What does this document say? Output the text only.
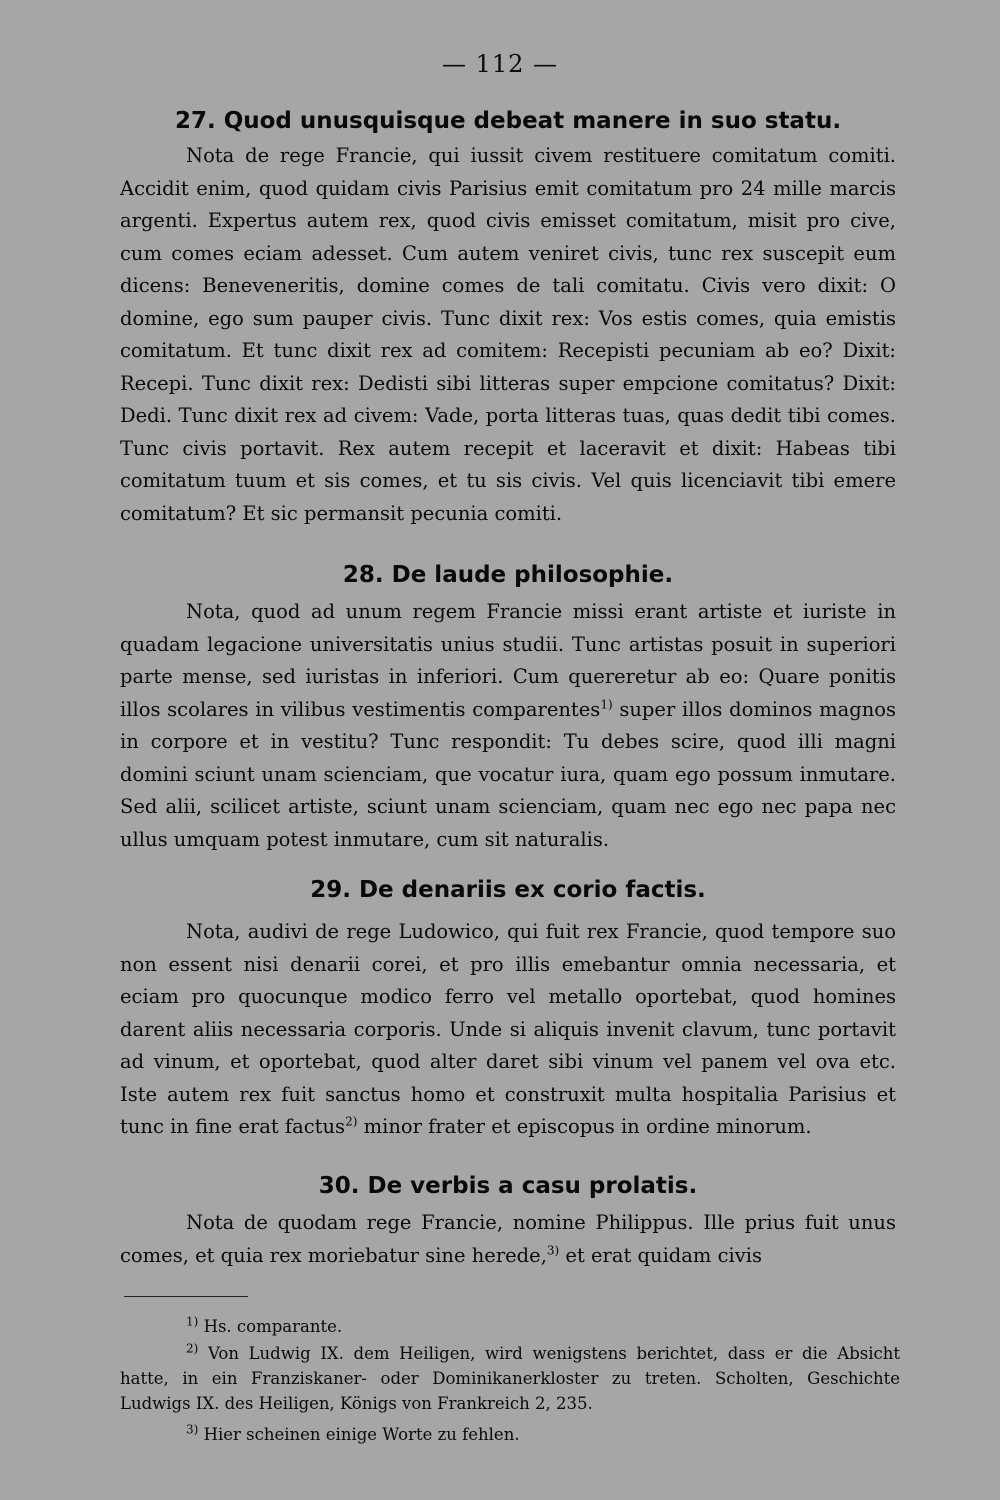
— 112 —
27. Quod unusquisque debeat manere in suo statu.
Nota de rege Francie, qui iussit civem restituere comitatum comiti. Accidit enim, quod quidam civis Parisius emit comitatum pro 24 mille marcis argenti. Expertus autem rex, quod civis emisset comitatum, misit pro cive, cum comes eciam adesset. Cum autem veniret civis, tunc rex suscepit eum dicens: Beneveneritis, domine comes de tali comitatu. Civis vero dixit: O domine, ego sum pauper civis. Tunc dixit rex: Vos estis comes, quia emistis comitatum. Et tunc dixit rex ad comitem: Recepisti pecuniam ab eo? Dixit: Recepi. Tunc dixit rex: Dedisti sibi litteras super empcione comitatus? Dixit: Dedi. Tunc dixit rex ad civem: Vade, porta litteras tuas, quas dedit tibi comes. Tunc civis portavit. Rex autem recepit et laceravit et dixit: Habeas tibi comitatum tuum et sis comes, et tu sis civis. Vel quis licenciavit tibi emere comitatum? Et sic permansit pecunia comiti.
28. De laude philosophie.
Nota, quod ad unum regem Francie missi erant artiste et iuriste in quadam legacione universitatis unius studii. Tunc artistas posuit in superiori parte mense, sed iuristas in inferiori. Cum quereretur ab eo: Quare ponitis illos scolares in vilibus vestimentis comparentes$^{1)}$ super illos dominos magnos in corpore et in vestitu? Tunc respondit: Tu debes scire, quod illi magni domini sciunt unam scienciam, que vocatur iura, quam ego possum inmutare. Sed alii, scilicet artiste, sciunt unam scienciam, quam nec ego nec papa nec ullus umquam potest inmutare, cum sit naturalis.
29. De denariis ex corio factis.
Nota, audivi de rege Ludowico, qui fuit rex Francie, quod tempore suo non essent nisi denarii corei, et pro illis emebantur omnia necessaria, et eciam pro quocunque modico ferro vel metallo oportebat, quod homines darent aliis necessaria corporis. Unde si aliquis invenit clavum, tunc portavit ad vinum, et oportebat, quod alter daret sibi vinum vel panem vel ova etc. Iste autem rex fuit sanctus homo et construxit multa hospitalia Parisius et tunc in fine erat factus$^{2)}$ minor frater et episcopus in ordine minorum.
30. De verbis a casu prolatis.
Nota de quodam rege Francie, nomine Philippus. Ille prius fuit unus comes, et quia rex moriebatur sine herede,$^{3)}$ et erat quidam civis
$^{1)}$ Hs. comparante.
$^{2)}$ Von Ludwig IX. dem Heiligen, wird wenigstens berichtet, dass er die Absicht hatte, in ein Franziskaner- oder Dominikanerkloster zu treten. Scholten, Geschichte Ludwigs IX. des Heiligen, Königs von Frankreich 2, 235.
$^{3)}$ Hier scheinen einige Worte zu fehlen.
